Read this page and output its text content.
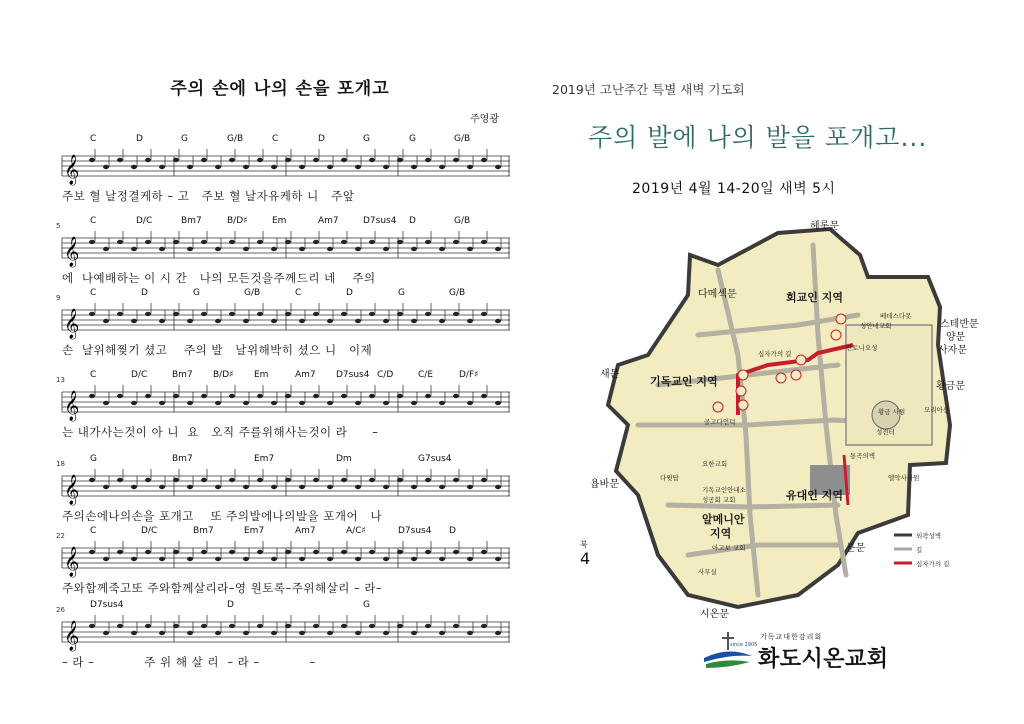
주의 손에 나의 손을 포개고
주영광
𝄞
C	D	G	G/B	C	D	G	G	G/B
주보 혈 날정결케하 – 고   주보 혈 날자유케하 니   주앞
𝄞
5	C	D/C	Bm7	B/D♯	Em	Am7	D7sus4 D	G/B
에  나예배하는 이 시 간   나의 모든것을주께드리 네    주의
𝄞
9	C	D	G	G/B	C	D	G	G/B
손  날위해찢기 셨고    주의 발   날위해박히 셨으 니   이제
𝄞
13	C	D/C	Bm7 B/D♯ Em	Am7 D7sus4 C/D	C/E	D/F♯
는 내가사는것이 아 니  요   오직 주를위해사는것이 라      –
𝄞
18	G	Bm7	Em7	Dm	G7sus4
주의손에나의손을 포개고    또 주의발에나의발을 포개어   나
𝄞
22	C	D/C	Bm7	Em7	Am7	A/C♯	D7sus4 D
주와함께죽고또 주와함께살리라–영 원토록–주위해살리 – 라–
𝄞
26	D7sus4	D	G
– 라 –            주 위 해 살 리  – 라 –            –
2019년 고난주간 특별 새벽 기도회
주의 발에 나의 발을 포개고...
2019년 4월 14-20일 새벽 5시
헤롯문
다메섹문
새문
스테반문
양문
사자문
황금문
욥바문
분문
시온문
회교인 지역
기독교인 지역
유대인 지역
알메니안
지역
베데스다못
성안네교회
십자가의 길
안토니오성
골고다언덕
황금 사원
성전터
모리아산
통곡의벽
엘악사사원
요한교회
기독교인안내소
성공회 교회
아고보 교회
사무실
다윗탑
외곽성벽
길
십자가의 길
북
4
기독교대한감리회
since 1905
화도시온교회
